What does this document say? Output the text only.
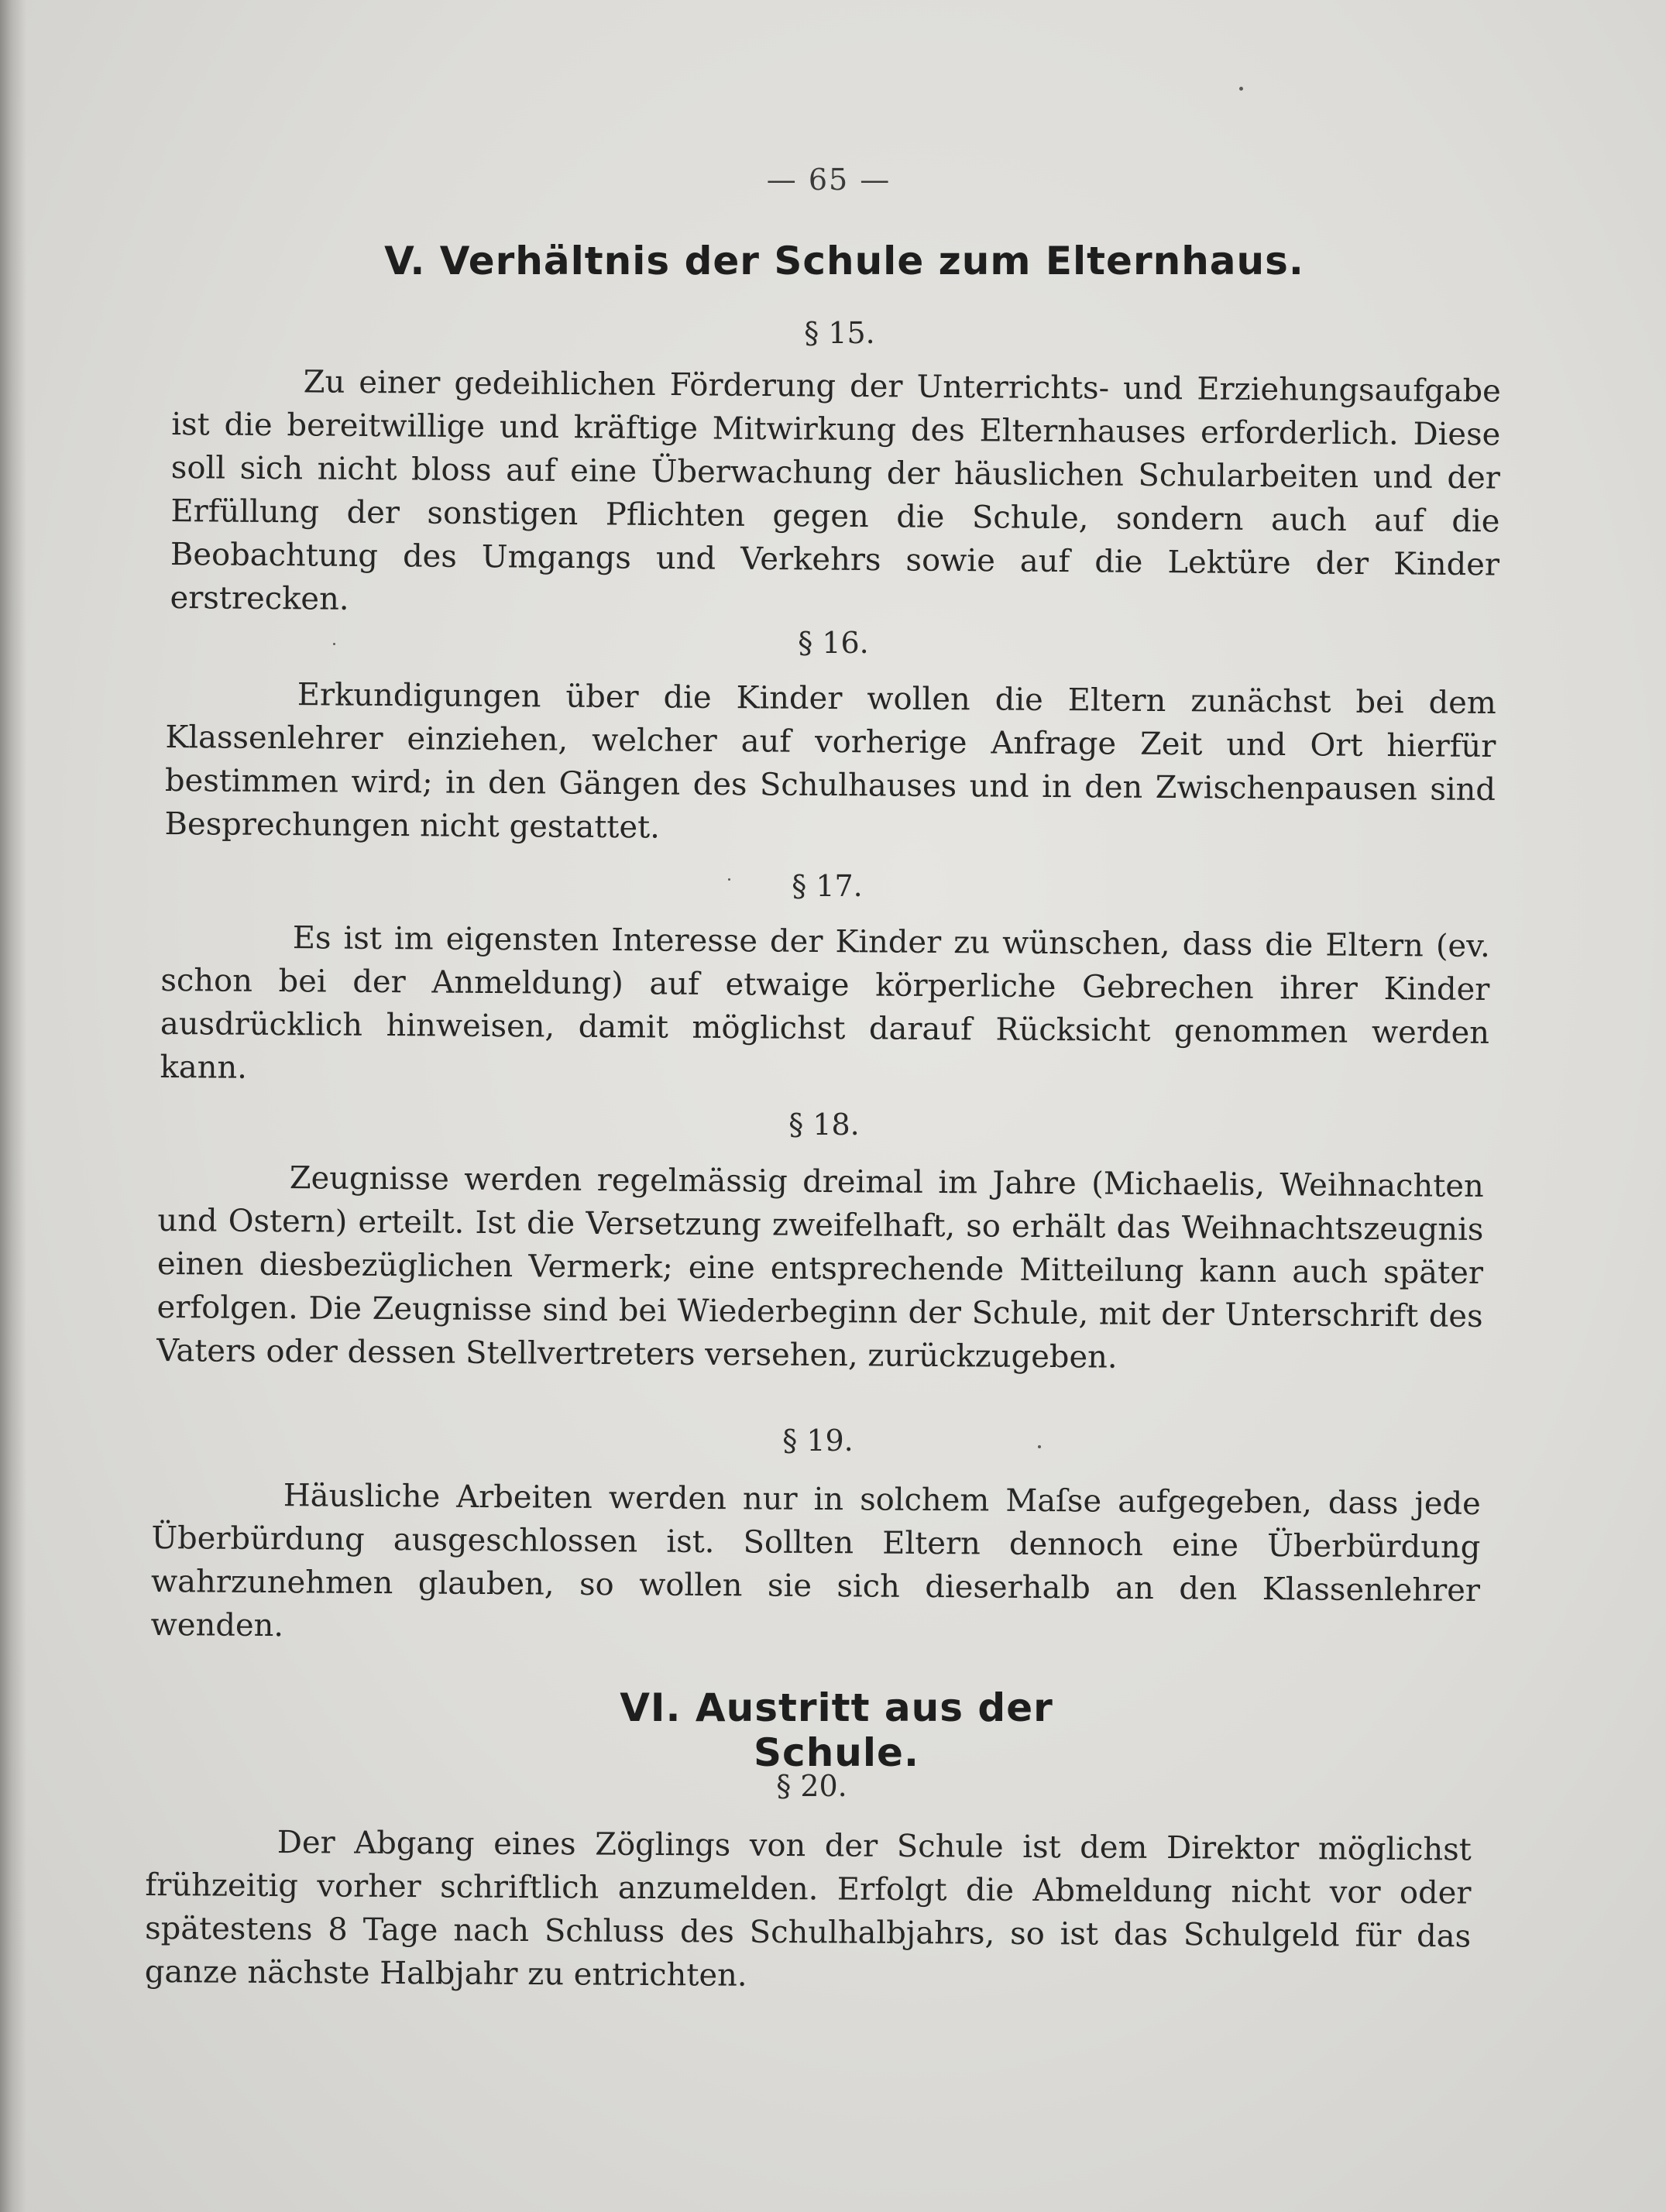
— 65 —
V. Verhältnis der Schule zum Elternhaus.
§ 15.

Zu einer gedeihlichen Förderung der Unterrichts- und Erziehungsaufgabe ist die bereitwillige und kräftige Mitwirkung des Elternhauses erforderlich. Diese soll sich nicht bloss auf eine Überwachung der häuslichen Schularbeiten und der Erfüllung der sonstigen Pflichten gegen die Schule, sondern auch auf die Beobachtung des Umgangs und Verkehrs sowie auf die Lektüre der Kinder erstrecken.

§ 16.

Erkundigungen über die Kinder wollen die Eltern zunächst bei dem Klassenlehrer einziehen, welcher auf vorherige Anfrage Zeit und Ort hierfür bestimmen wird; in den Gängen des Schulhauses und in den Zwischenpausen sind Besprechungen nicht gestattet.

§ 17.

Es ist im eigensten Interesse der Kinder zu wünschen, dass die Eltern (ev. schon bei der Anmeldung) auf etwaige körperliche Gebrechen ihrer Kinder ausdrücklich hinweisen, damit möglichst darauf Rücksicht genommen werden kann.

§ 18.

Zeugnisse werden regelmässig dreimal im Jahre (Michaelis, Weihnachten und Ostern) erteilt. Ist die Versetzung zweifelhaft, so erhält das Weihnachtszeugnis einen diesbezüglichen Vermerk; eine entsprechende Mitteilung kann auch später erfolgen. Die Zeugnisse sind bei Wiederbeginn der Schule, mit der Unterschrift des Vaters oder dessen Stellvertreters versehen, zurückzugeben.

§ 19.

Häusliche Arbeiten werden nur in solchem Maſse aufgegeben, dass jede Überbürdung ausgeschlossen ist. Sollten Eltern dennoch eine Überbürdung wahrzunehmen glauben, so wollen sie sich dieserhalb an den Klassenlehrer wenden.

VI. Austritt aus der Schule.
§ 20.

Der Abgang eines Zöglings von der Schule ist dem Direktor möglichst frühzeitig vorher schriftlich anzumelden. Erfolgt die Abmeldung nicht vor oder spätestens 8 Tage nach Schluss des Schulhalbjahrs, so ist das Schulgeld für das ganze nächste Halbjahr zu entrichten.
